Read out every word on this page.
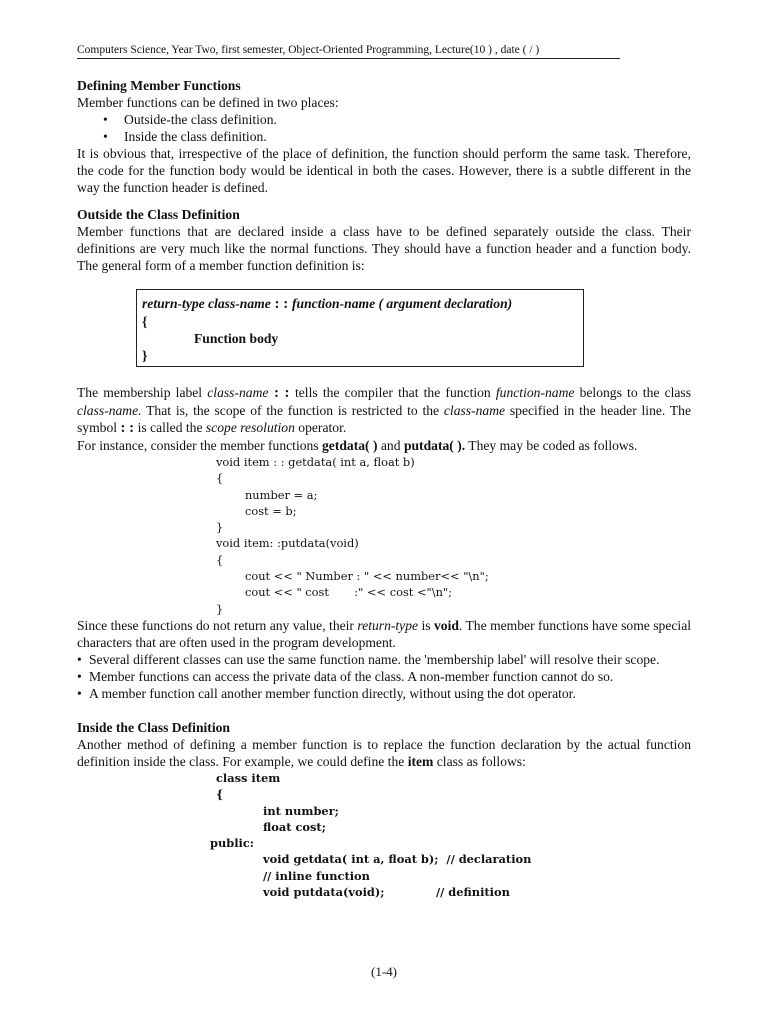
Computers Science, Year Two, first semester, Object-Oriented Programming, Lecture(10 ) , date ( / )

Defining Member Functions

Member functions can be defined in two places:

• Outside-the class definition.
• Inside the class definition.

It is obvious that, irrespective of the place of definition, the function should perform the same task. Therefore, the code for the function body would be identical in both the cases. However, there is a subtle different in the way the function header is defined.

Outside the Class Definition

Member functions that are declared inside a class have to be defined separately outside the class. Their definitions are very much like the normal functions. They should have a function header and a function body. The general form of a member function definition is:

return-type class-name : : function-name ( argument declaration)
{
Function body
}

The membership label class-name : : tells the compiler that the function function-name belongs to the class class-name. That is, the scope of the function is restricted to the class-name specified in the header line. The symbol : : is called the scope resolution operator.

For instance, consider the member functions getdata( ) and putdata( ). They may be coded as follows.

void item : : getdata( int a, float b)
{
number = a;
cost = b;
}
void item: :putdata(void)
{
cout << " Number : " << number<< "\n";
cout << " cost       :" << cost <"\n";
}

Since these functions do not return any value, their return-type is void. The member functions have some special characters that are often used in the program development.

• Several different classes can use the same function name. the 'membership label' will resolve their scope.
• Member functions can access the private data of the class. A non-member function cannot do so.
• A member function call another member function directly, without using the dot operator.

Inside the Class Definition

Another method of defining a member function is to replace the function declaration by the actual function definition inside the class. For example, we could define the item class as follows:

class item
{
int number;
float cost;
public:
void getdata( int a, float b);  // declaration
// inline function
void putdata(void);             // definition
(1-4)
